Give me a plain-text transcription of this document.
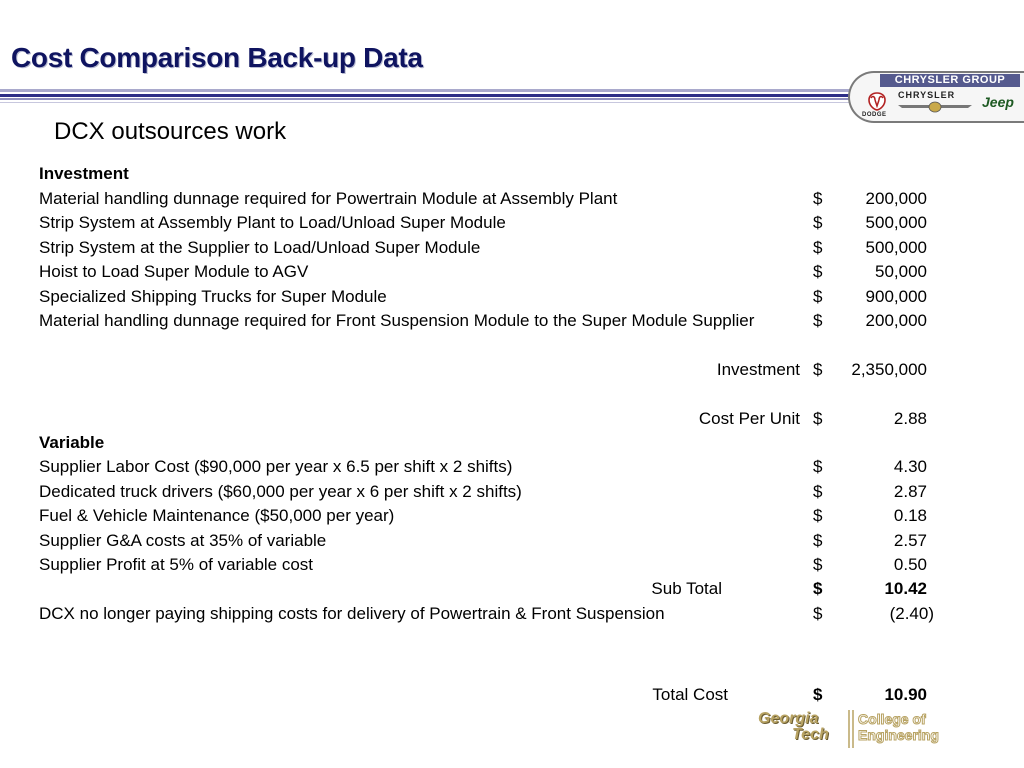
Cost Comparison Back-up Data
CHRYSLER GROUP
DODGE
CHRYSLER Jeep
DCX outsources work
Investment
Material handling dunnage required for Powertrain Module at Assembly Plant	$	200,000
Strip System at Assembly Plant to Load/Unload Super Module	$	500,000
Strip System at the Supplier to Load/Unload Super Module	$	500,000
Hoist to Load Super Module to AGV	$	50,000
Specialized Shipping Trucks for Super Module	$	900,000
Material handling dunnage required for Front Suspension Module to the Super Module Supplier	$	200,000
Investment $ 2,350,000
Cost Per Unit $	2.88
Variable
Supplier Labor Cost ($90,000 per year x 6.5 per shift x 2 shifts)	$	4.30
Dedicated truck drivers ($60,000 per year x 6 per shift x 2 shifts)	$	2.87
Fuel & Vehicle Maintenance ($50,000 per year)	$	0.18
Supplier G&A costs at 35% of variable	$	2.57
Supplier Profit at 5% of variable cost	$	0.50
Sub Total	$	10.42
DCX no longer paying shipping costs for delivery of Powertrain & Front Suspension	$	(2.40)
Total Cost	$	10.90
Georgia
Tech
College of
Engineering
